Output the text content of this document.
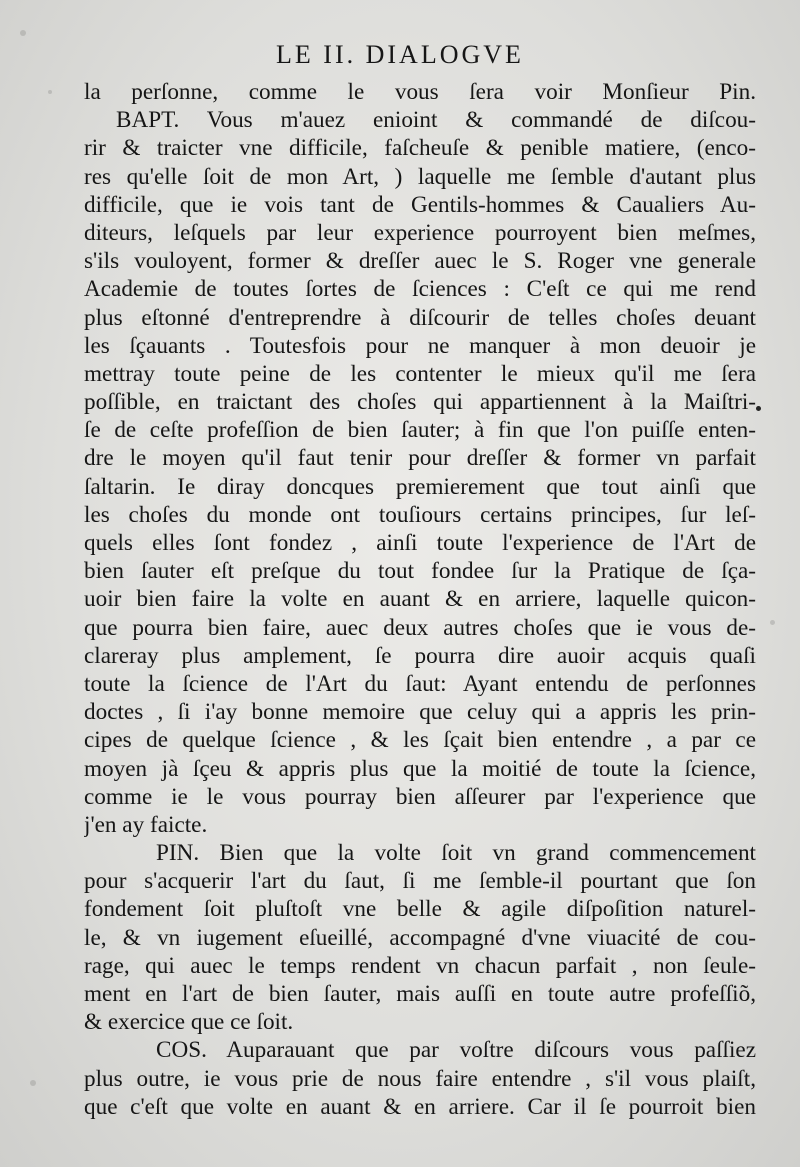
LE II. DIALOGVE
la perſonne, comme le vous ſera voir Monſieur Pin.
BAPT. Vous m'auez enioint & commandé de diſcou-
rir & traicter vne difficile, faſcheuſe & penible matiere, (enco-
res qu'elle ſoit de mon Art, ) laquelle me ſemble d'autant plus
difficile, que ie vois tant de Gentils-hommes & Caualiers Au-
diteurs, leſquels par leur experience pourroyent bien meſmes,
s'ils vouloyent, former & dreſſer auec le S. Roger vne generale
Academie de toutes ſortes de ſciences : C'eſt ce qui me rend
plus eſtonné d'entreprendre à diſcourir de telles choſes deuant
les ſçauants . Toutesfois pour ne manquer à mon deuoir je
mettray toute peine de les contenter le mieux qu'il me ſera
poſſible, en traictant des choſes qui appartiennent à la Maiſtri-
ſe de ceſte profeſſion de bien ſauter; à fin que l'on puiſſe enten-
dre le moyen qu'il faut tenir pour dreſſer & former vn parfait
ſaltarin. Ie diray doncques premierement que tout ainſi que
les choſes du monde ont touſiours certains principes, ſur leſ-
quels elles ſont fondez , ainſi toute l'experience de l'Art de
bien ſauter eſt preſque du tout fondee ſur la Pratique de ſça-
uoir bien faire la volte en auant & en arriere, laquelle quicon-
que pourra bien faire, auec deux autres choſes que ie vous de-
clareray plus amplement, ſe pourra dire auoir acquis quaſi
toute la ſcience de l'Art du ſaut: Ayant entendu de perſonnes
doctes , ſi i'ay bonne memoire que celuy qui a appris les prin-
cipes de quelque ſcience , & les ſçait bien entendre , a par ce
moyen jà ſçeu & appris plus que la moitié de toute la ſcience,
comme ie le vous pourray bien aſſeurer par l'experience que
j'en ay faicte.
PIN. Bien que la volte ſoit vn grand commencement
pour s'acquerir l'art du ſaut, ſi me ſemble-il pourtant que ſon
fondement ſoit pluſtoſt vne belle & agile diſpoſition naturel-
le, & vn iugement eſueillé, accompagné d'vne viuacité de cou-
rage, qui auec le temps rendent vn chacun parfait , non ſeule-
ment en l'art de bien ſauter, mais auſſi en toute autre profeſſiõ,
& exercice que ce ſoit.
COS. Auparauant que par voſtre diſcours vous paſſiez
plus outre, ie vous prie de nous faire entendre , s'il vous plaiſt,
que c'eſt que volte en auant & en arriere. Car il ſe pourroit bien
